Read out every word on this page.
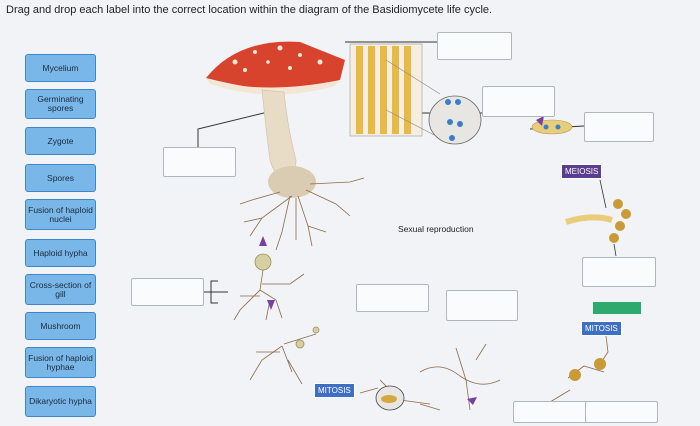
Drag and drop each label into the correct location within the diagram of the Basidiomycete life cycle.
Mycelium
Germinating spores
Zygote
Spores
Fusion of haploid nuclei
Haploid hypha
Cross-section of gill
Mushroom
Fusion of haploid hyphae
Dikaryotic hypha
MEIOSIS
MITOSIS
MITOSIS
Sexual reproduction
